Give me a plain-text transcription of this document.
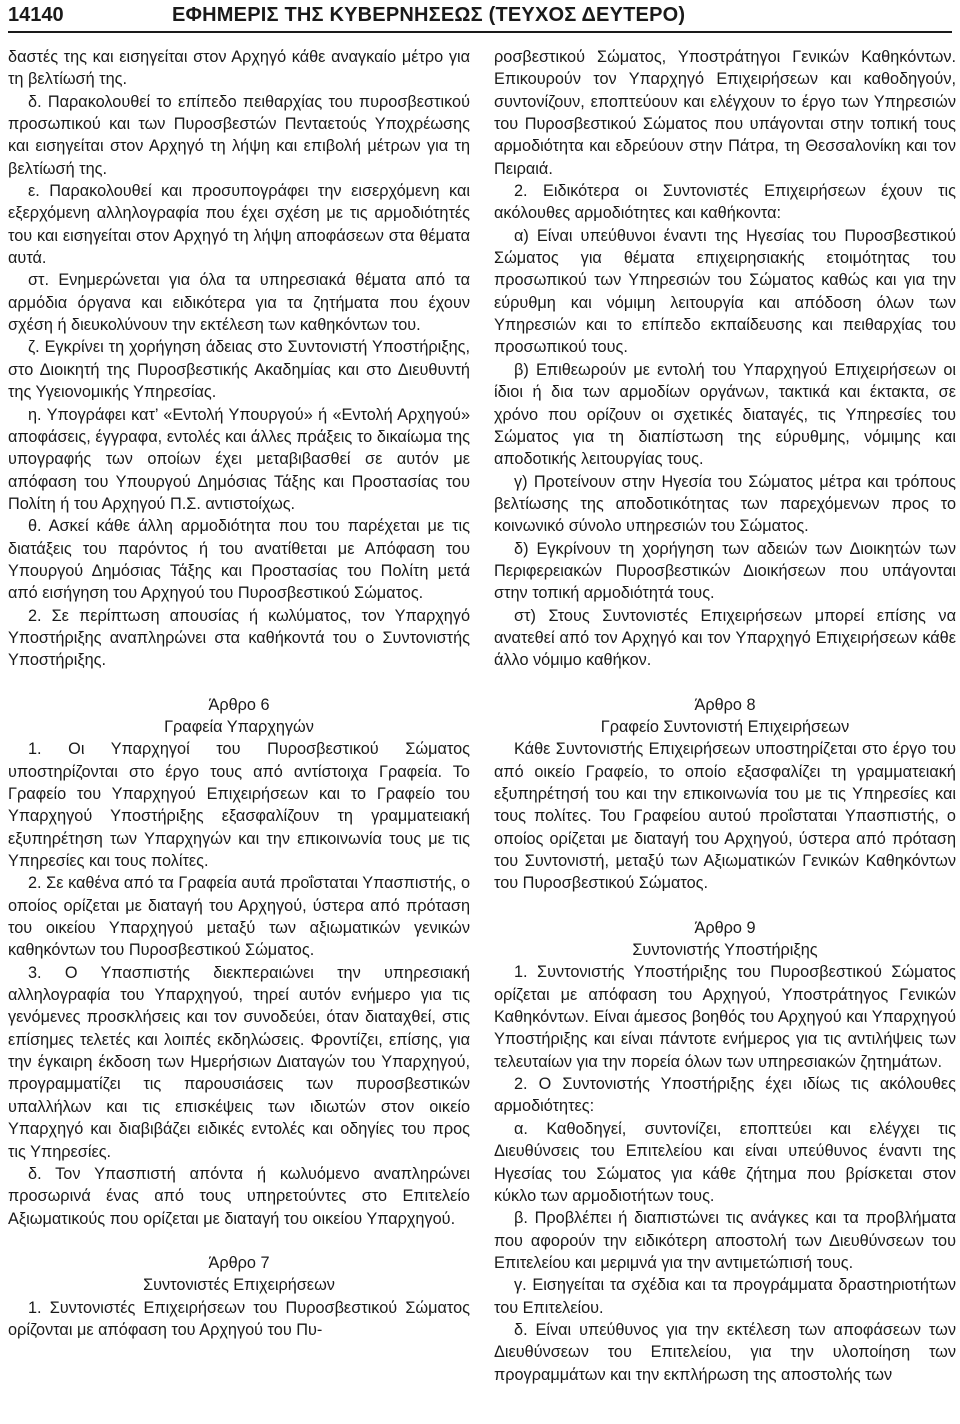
14140	ΕΦΗΜΕΡΙΣ ΤΗΣ ΚΥΒΕΡΝΗΣΕΩΣ (ΤΕΥΧΟΣ ΔΕΥΤΕΡΟ)

δαστές της και εισηγείται στον Αρχηγό κάθε αναγκαίο μέτρο για τη βελτίωσή της.

δ. Παρακολουθεί το επίπεδο πειθαρχίας του πυροσβεστικού προσωπικού και των Πυροσβεστών Πενταετούς Υποχρέωσης και εισηγείται στον Αρχηγό τη λήψη και επιβολή μέτρων για τη βελτίωσή της.

ε. Παρακολουθεί και προσυπογράφει την εισερχόμενη και εξερχόμενη αλληλογραφία που έχει σχέση με τις αρμοδιότητές του και εισηγείται στον Αρχηγό τη λήψη αποφάσεων στα θέματα αυτά.

στ. Ενημερώνεται για όλα τα υπηρεσιακά θέματα από τα αρμόδια όργανα και ειδικότερα για τα ζητήματα που έχουν σχέση ή διευκολύνουν την εκτέλεση των καθηκόντων του.

ζ. Εγκρίνει τη χορήγηση άδειας στο Συντονιστή Υποστήριξης, στο Διοικητή της Πυροσβεστικής Ακαδημίας και στο Διευθυντή της Υγειονομικής Υπηρεσίας.

η. Υπογράφει κατ’ «Εντολή Υπουργού» ή «Εντολή Αρχηγού» αποφάσεις, έγγραφα, εντολές και άλλες πράξεις το δικαίωμα της υπογραφής των οποίων έχει μεταβιβασθεί σε αυτόν με απόφαση του Υπουργού Δημόσιας Τάξης και Προστασίας του Πολίτη ή του Αρχηγού Π.Σ. αντιστοίχως.

θ. Ασκεί κάθε άλλη αρμοδιότητα που του παρέχεται με τις διατάξεις του παρόντος ή του ανατίθεται με Απόφαση του Υπουργού Δημόσιας Τάξης και Προστασίας του Πολίτη μετά από εισήγηση του Αρχηγού του Πυροσβεστικού Σώματος.

2. Σε περίπτωση απουσίας ή κωλύματος, τον Υπαρχηγό Υποστήριξης αναπληρώνει στα καθήκοντά του ο Συντονιστής Υποστήριξης.

Άρθρο 6
Γραφεία Υπαρχηγών

1. Οι Υπαρχηγοί του Πυροσβεστικού Σώματος υποστηρίζονται στο έργο τους από αντίστοιχα Γραφεία. Το Γραφείο του Υπαρχηγού Επιχειρήσεων και το Γραφείο του Υπαρχηγού Υποστήριξης εξασφαλίζουν τη γραμματειακή εξυπηρέτηση των Υπαρχηγών και την επικοινωνία τους με τις Υπηρεσίες και τους πολίτες.

2. Σε καθένα από τα Γραφεία αυτά προΐσταται Υπασπιστής, ο οποίος ορίζεται με διαταγή του Αρχηγού, ύστερα από πρόταση του οικείου Υπαρχηγού μεταξύ των αξιωματικών γενικών καθηκόντων του Πυροσβεστικού Σώματος.

3. Ο Υπασπιστής διεκπεραιώνει την υπηρεσιακή αλληλογραφία του Υπαρχηγού, τηρεί αυτόν ενήμερο για τις γενόμενες προσκλήσεις και τον συνοδεύει, όταν διαταχθεί, στις επίσημες τελετές και λοιπές εκδηλώσεις. Φροντίζει, επίσης, για την έγκαιρη έκδοση των Ημερήσιων Διαταγών του Υπαρχηγού, προγραμματίζει τις παρουσιάσεις των πυροσβεστικών υπαλλήλων και τις επισκέψεις των ιδιωτών στον οικείο Υπαρχηγό και διαβιβάζει ειδικές εντολές και οδηγίες του προς τις Υπηρεσίες.

δ. Τον Υπασπιστή απόντα ή κωλυόμενο αναπληρώνει προσωρινά ένας από τους υπηρετούντες στο Επιτελείο Αξιωματικούς που ορίζεται με διαταγή του οικείου Υπαρχηγού.

Άρθρο 7
Συντονιστές Επιχειρήσεων

1. Συντονιστές Επιχειρήσεων του Πυροσβεστικού Σώματος ορίζονται με απόφαση του Αρχηγού του Πυ-

ροσβεστικού Σώματος, Υποστράτηγοι Γενικών Καθηκόντων. Επικουρούν τον Υπαρχηγό Επιχειρήσεων και καθοδηγούν, συντονίζουν, εποπτεύουν και ελέγχουν το έργο των Υπηρεσιών του Πυροσβεστικού Σώματος που υπάγονται στην τοπική τους αρμοδιότητα και εδρεύουν στην Πάτρα, τη Θεσσαλονίκη και τον Πειραιά.

2. Ειδικότερα οι Συντονιστές Επιχειρήσεων έχουν τις ακόλουθες αρμοδιότητες και καθήκοντα:

α) Είναι υπεύθυνοι έναντι της Ηγεσίας του Πυροσβεστικού Σώματος για θέματα επιχειρησιακής ετοιμότητας του προσωπικού των Υπηρεσιών του Σώματος καθώς και για την εύρυθμη και νόμιμη λειτουργία και απόδοση όλων των Υπηρεσιών και το επίπεδο εκπαίδευσης και πειθαρχίας του προσωπικού τους.

β) Επιθεωρούν με εντολή του Υπαρχηγού Επιχειρήσεων οι ίδιοι ή δια των αρμοδίων οργάνων, τακτικά και έκτακτα, σε χρόνο που ορίζουν οι σχετικές διαταγές, τις Υπηρεσίες του Σώματος για τη διαπίστωση της εύρυθμης, νόμιμης και αποδοτικής λειτουργίας τους.

γ) Προτείνουν στην Ηγεσία του Σώματος μέτρα και τρόπους βελτίωσης της αποδοτικότητας των παρεχόμενων προς το κοινωνικό σύνολο υπηρεσιών του Σώματος.

δ) Εγκρίνουν τη χορήγηση των αδειών των Διοικητών των Περιφερειακών Πυροσβεστικών Διοικήσεων που υπάγονται στην τοπική αρμοδιότητά τους.

στ) Στους Συντονιστές Επιχειρήσεων μπορεί επίσης να ανατεθεί από τον Αρχηγό και τον Υπαρχηγό Επιχειρήσεων κάθε άλλο νόμιμο καθήκον.

Άρθρο 8
Γραφείο Συντονιστή Επιχειρήσεων

Κάθε Συντονιστής Επιχειρήσεων υποστηρίζεται στο έργο του από οικείο Γραφείο, το οποίο εξασφαλίζει τη γραμματειακή εξυπηρέτησή του και την επικοινωνία του με τις Υπηρεσίες και τους πολίτες. Του Γραφείου αυτού προΐσταται Υπασπιστής, ο οποίος ορίζεται με διαταγή του Αρχηγού, ύστερα από πρόταση του Συντονιστή, μεταξύ των Αξιωματικών Γενικών Καθηκόντων του Πυροσβεστικού Σώματος.

Άρθρο 9
Συντονιστής Υποστήριξης

1. Συντονιστής Υποστήριξης του Πυροσβεστικού Σώματος ορίζεται με απόφαση του Αρχηγού, Υποστράτηγος Γενικών Καθηκόντων. Είναι άμεσος βοηθός του Αρχηγού και Υπαρχηγού Υποστήριξης και είναι πάντοτε ενήμερος για τις αντιλήψεις των τελευταίων για την πορεία όλων των υπηρεσιακών ζητημάτων.

2. Ο Συντονιστής Υποστήριξης έχει ιδίως τις ακόλουθες αρμοδιότητες:

α. Καθοδηγεί, συντονίζει, εποπτεύει και ελέγχει τις Διευθύνσεις του Επιτελείου και είναι υπεύθυνος έναντι της Ηγεσίας του Σώματος για κάθε ζήτημα που βρίσκεται στον κύκλο των αρμοδιοτήτων τους.

β. Προβλέπει ή διαπιστώνει τις ανάγκες και τα προβλήματα που αφορούν την ειδικότερη αποστολή των Διευθύνσεων του Επιτελείου και μεριμνά για την αντιμετώπισή τους.

γ. Εισηγείται τα σχέδια και τα προγράμματα δραστηριοτήτων του Επιτελείου.

δ. Είναι υπεύθυνος για την εκτέλεση των αποφάσεων των Διευθύνσεων του Επιτελείου, για την υλοποίηση των προγραμμάτων και την εκπλήρωση της αποστολής των
